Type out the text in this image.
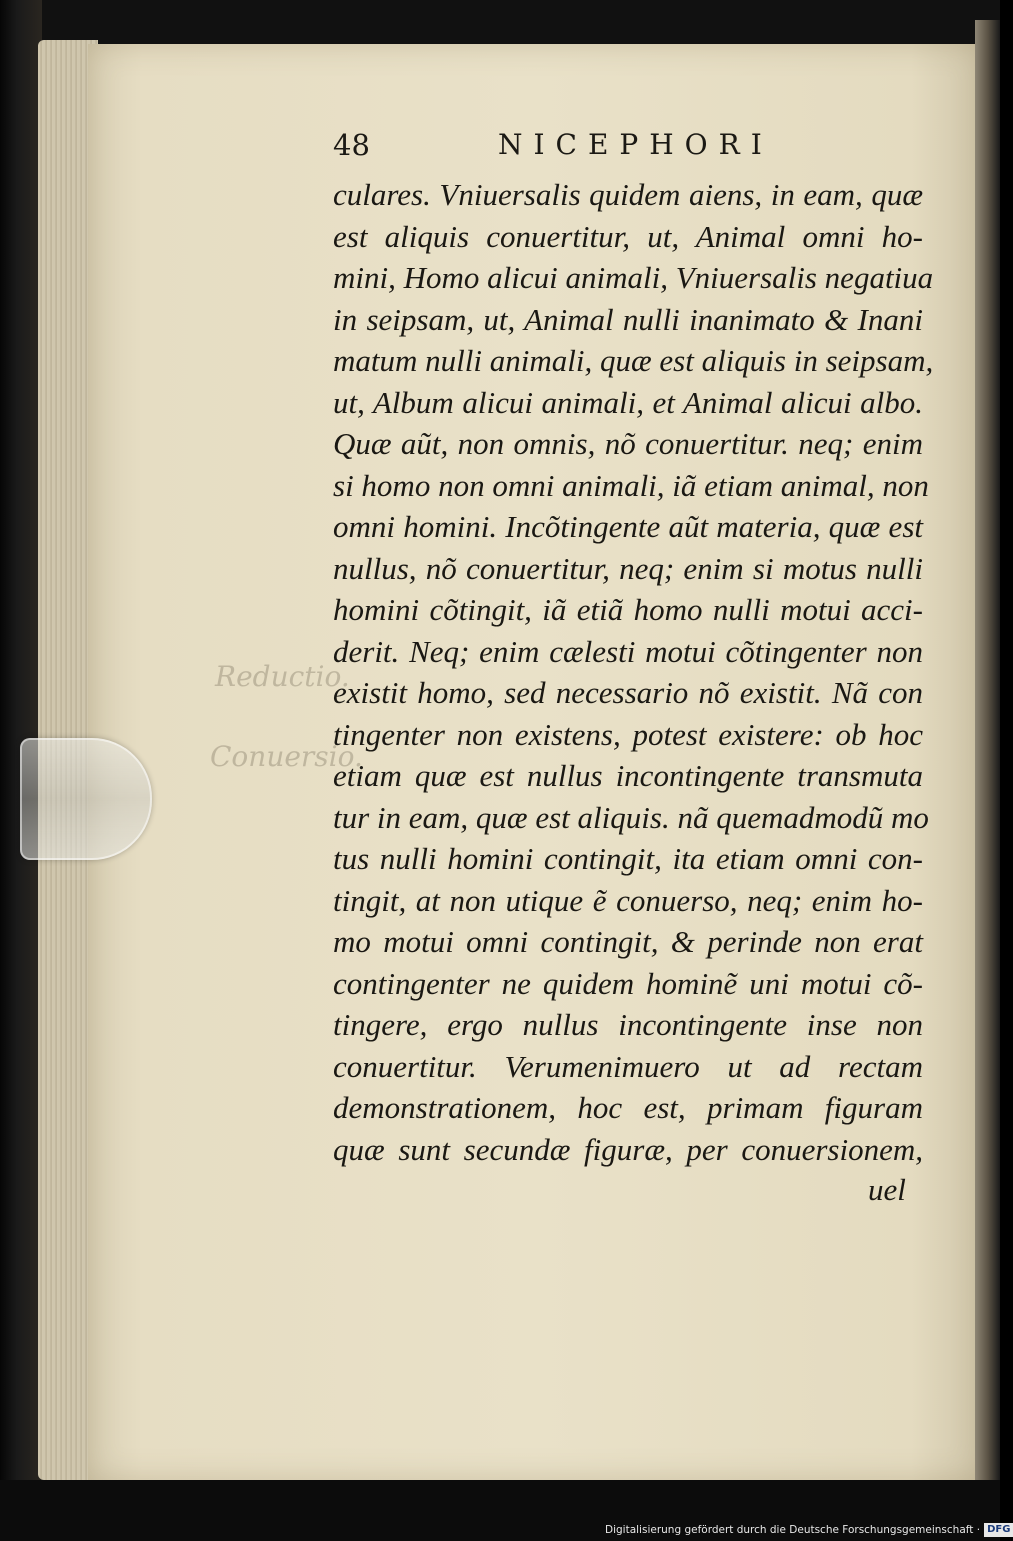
Reductio.
Conuersio.
48	NICEPHORI
culares. Vniuersalis quidem aiens, in eam, quæ
est aliquis conuertitur, ut, Animal omni ho-
mini, Homo alicui animali, Vniuersalis negatiua
in seipsam, ut, Animal nulli inanimato & Inani
matum nulli animali, quæ est aliquis in seipsam,
ut, Album alicui animali, et Animal alicui albo.
Quæ aũt, non omnis, nõ conuertitur. neq; enim
si homo non omni animali, iã etiam animal, non
omni homini. Incõtingente aũt materia, quæ est
nullus, nõ conuertitur, neq; enim si motus nulli
homini cõtingit, iã etiã homo nulli motui acci-
derit. Neq; enim cælesti motui cõtingenter non
existit homo, sed necessario nõ existit. Nã con
tingenter non existens, potest existere: ob hoc
etiam quæ est nullus incontingente transmuta
tur in eam, quæ est aliquis. nã quemadmodũ mo
tus nulli homini contingit, ita etiam omni con-
tingit, at non utique ẽ conuerso, neq; enim ho-
mo motui omni contingit, & perinde non erat
contingenter ne quidem hominẽ uni motui cõ-
tingere, ergo nullus incontingente inse non
conuertitur. Verumenimuero ut ad rectam
demonstrationem, hoc est, primam figuram
quæ sunt secundæ figuræ, per conuersionem,
uel
Digitalisierung gefördert durch die Deutsche Forschungsgemeinschaft · DFG
